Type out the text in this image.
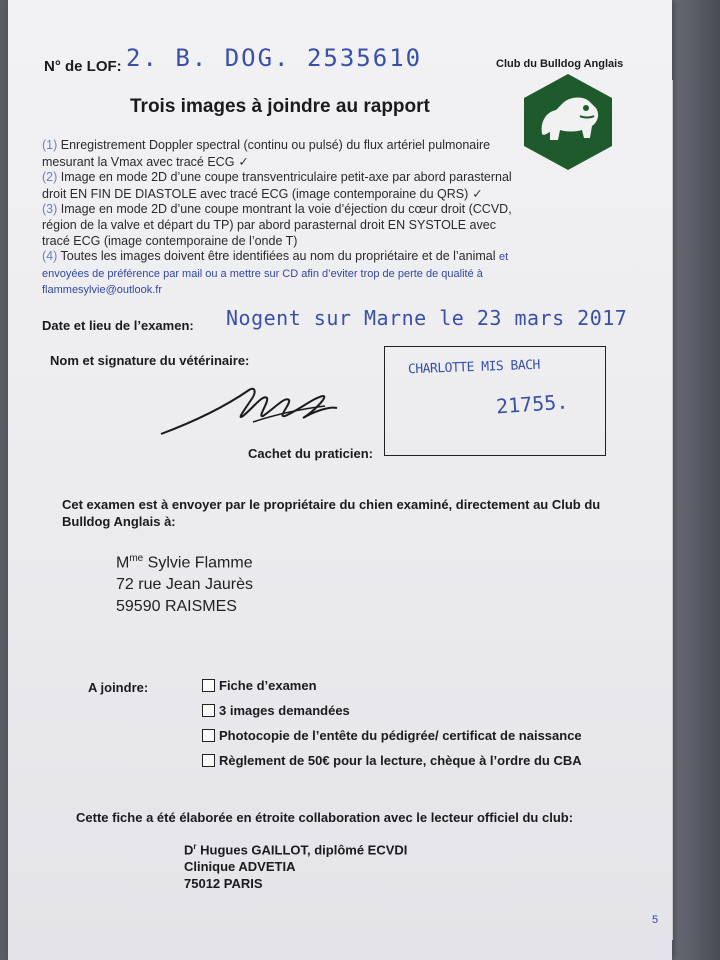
N° de LOF: 2. B. DOG. 2535610	Club du Bulldog Anglais
Trois images à joindre au rapport

(1) Enregistrement Doppler spectral (continu ou pulsé) du flux artériel pulmonaire mesurant la Vmax avec tracé ECG ✓

(2) Image en mode 2D d’une coupe transventriculaire petit-axe par abord parasternal droit EN FIN DE DIASTOLE avec tracé ECG (image contemporaine du QRS) ✓

(3) Image en mode 2D d’une coupe montrant la voie d’éjection du cœur droit (CCVD, région de la valve et départ du TP) par abord parasternal droit EN SYSTOLE avec tracé ECG (image contemporaine de l’onde T)

(4) Toutes les images doivent être identifiées au nom du propriétaire et de l’animal et envoyées de préférence par mail ou a mettre sur CD afin d’eviter trop de perte de qualité à flammesylvie@outlook.fr

Date et lieu de l’examen: Nogent sur Marne le 23 mars 2017
Nom et signature du vétérinaire:	CHARLOTTE MIS BACH
21755.
Cachet du praticien:
Cet examen est à envoyer par le propriétaire du chien examiné, directement au Club du Bulldog Anglais à:
$M^{me}$ Sylvie Flamme
72 rue Jean Jaurès
59590 RAISMES
A joindre:	Fiche d’examen
3 images demandées
Photocopie de l’entête du pédigrée/ certificat de naissance
Règlement de 50€ pour la lecture, chèque à l’ordre du CBA
Cette fiche a été élaborée en étroite collaboration avec le lecteur officiel du club:
$D^r$ Hugues GAILLOT, diplômé ECVDI
Clinique ADVETIA
75012 PARIS
5
